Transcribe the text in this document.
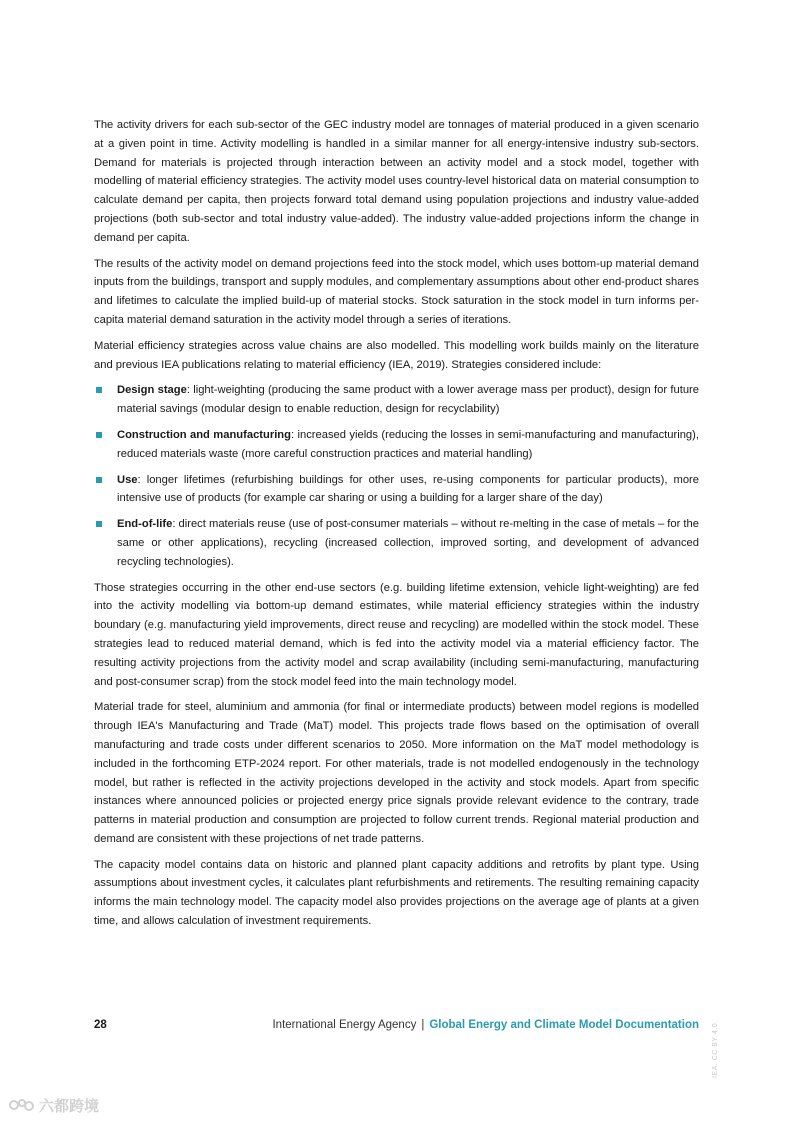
The activity drivers for each sub-sector of the GEC industry model are tonnages of material produced in a given scenario at a given point in time. Activity modelling is handled in a similar manner for all energy-intensive industry sub-sectors. Demand for materials is projected through interaction between an activity model and a stock model, together with modelling of material efficiency strategies. The activity model uses country-level historical data on material consumption to calculate demand per capita, then projects forward total demand using population projections and industry value-added projections (both sub-sector and total industry value-added). The industry value-added projections inform the change in demand per capita.

The results of the activity model on demand projections feed into the stock model, which uses bottom-up material demand inputs from the buildings, transport and supply modules, and complementary assumptions about other end-product shares and lifetimes to calculate the implied build-up of material stocks. Stock saturation in the stock model in turn informs per-capita material demand saturation in the activity model through a series of iterations.

Material efficiency strategies across value chains are also modelled. This modelling work builds mainly on the literature and previous IEA publications relating to material efficiency (IEA, 2019). Strategies considered include:

Design stage: light-weighting (producing the same product with a lower average mass per product), design for future material savings (modular design to enable reduction, design for recyclability)
Construction and manufacturing: increased yields (reducing the losses in semi-manufacturing and manufacturing), reduced materials waste (more careful construction practices and material handling)
Use: longer lifetimes (refurbishing buildings for other uses, re-using components for particular products), more intensive use of products (for example car sharing or using a building for a larger share of the day)
End-of-life: direct materials reuse (use of post-consumer materials – without re-melting in the case of metals – for the same or other applications), recycling (increased collection, improved sorting, and development of advanced recycling technologies).

Those strategies occurring in the other end-use sectors (e.g. building lifetime extension, vehicle light-weighting) are fed into the activity modelling via bottom-up demand estimates, while material efficiency strategies within the industry boundary (e.g. manufacturing yield improvements, direct reuse and recycling) are modelled within the stock model. These strategies lead to reduced material demand, which is fed into the activity model via a material efficiency factor. The resulting activity projections from the activity model and scrap availability (including semi-manufacturing, manufacturing and post-consumer scrap) from the stock model feed into the main technology model.

Material trade for steel, aluminium and ammonia (for final or intermediate products) between model regions is modelled through IEA's Manufacturing and Trade (MaT) model. This projects trade flows based on the optimisation of overall manufacturing and trade costs under different scenarios to 2050. More information on the MaT model methodology is included in the forthcoming ETP-2024 report. For other materials, trade is not modelled endogenously in the technology model, but rather is reflected in the activity projections developed in the activity and stock models. Apart from specific instances where announced policies or projected energy price signals provide relevant evidence to the contrary, trade patterns in material production and consumption are projected to follow current trends. Regional material production and demand are consistent with these projections of net trade patterns.

The capacity model contains data on historic and planned plant capacity additions and retrofits by plant type. Using assumptions about investment cycles, it calculates plant refurbishments and retirements. The resulting remaining capacity informs the main technology model. The capacity model also provides projections on the average age of plants at a given time, and allows calculation of investment requirements.

28	International Energy Agency | Global Energy and Climate Model Documentation IEA. CC BY 4.0.
六都跨境
